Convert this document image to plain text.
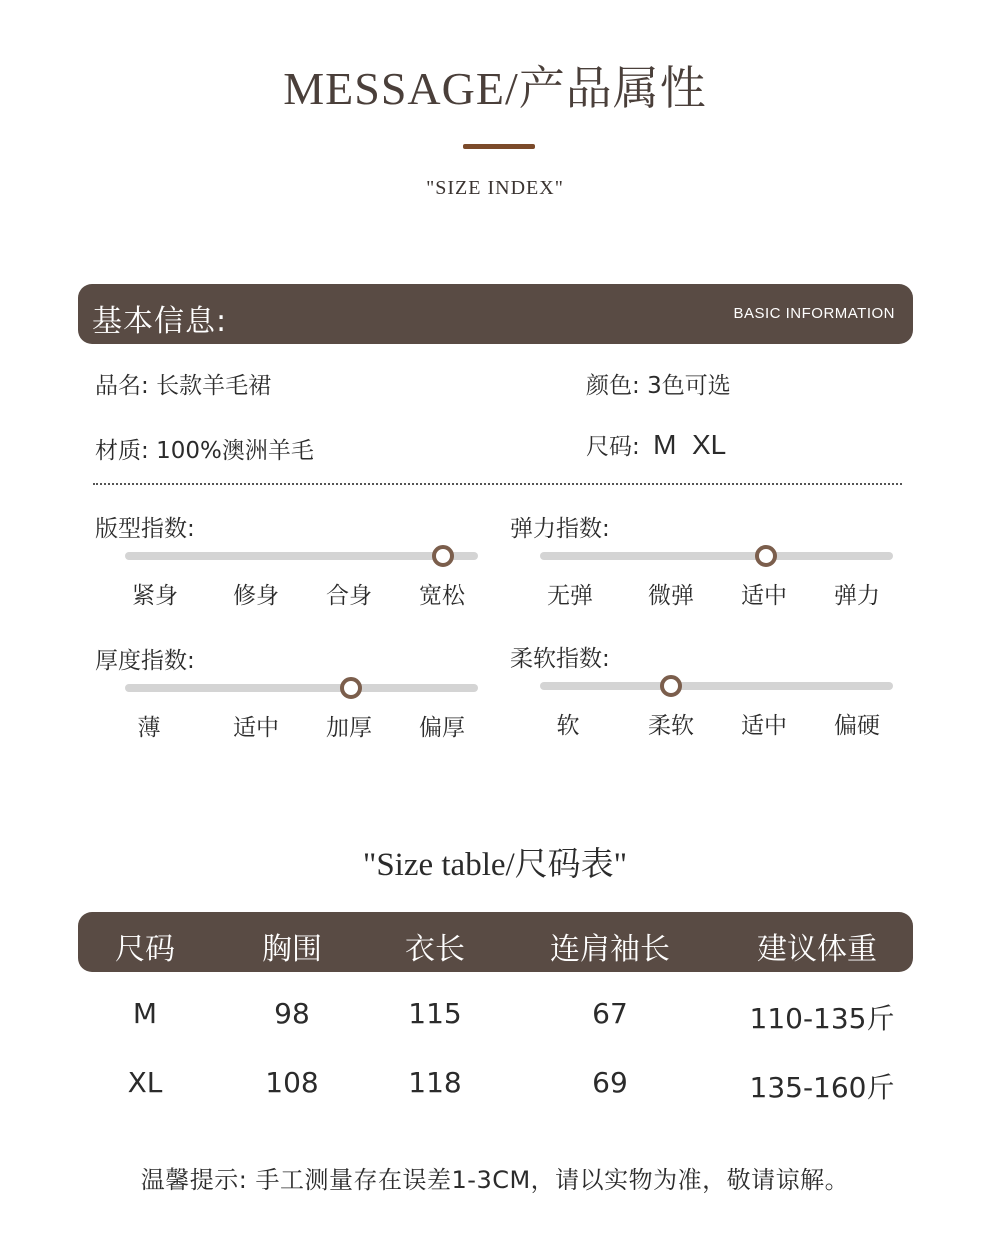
MESSAGE/产品属性
"SIZE INDEX"
基本信息:	BASIC INFORMATION
品名: 长款羊毛裙	颜色: 3色可选
材质: 100%澳洲羊毛	尺码: M  XL
版型指数:
紧身	修身	合身	宽松
弹力指数:
无弹	微弹	适中	弹力
厚度指数:
薄	适中	加厚	偏厚
柔软指数:
软	柔软	适中	偏硬
"Size table/尺码表"
尺码	胸围	衣长	连肩袖长	建议体重
M	98	115	67	110-135斤
XL	108	118	69	135-160斤
温馨提示: 手工测量存在误差1-3CM，请以实物为准，敬请谅解。
